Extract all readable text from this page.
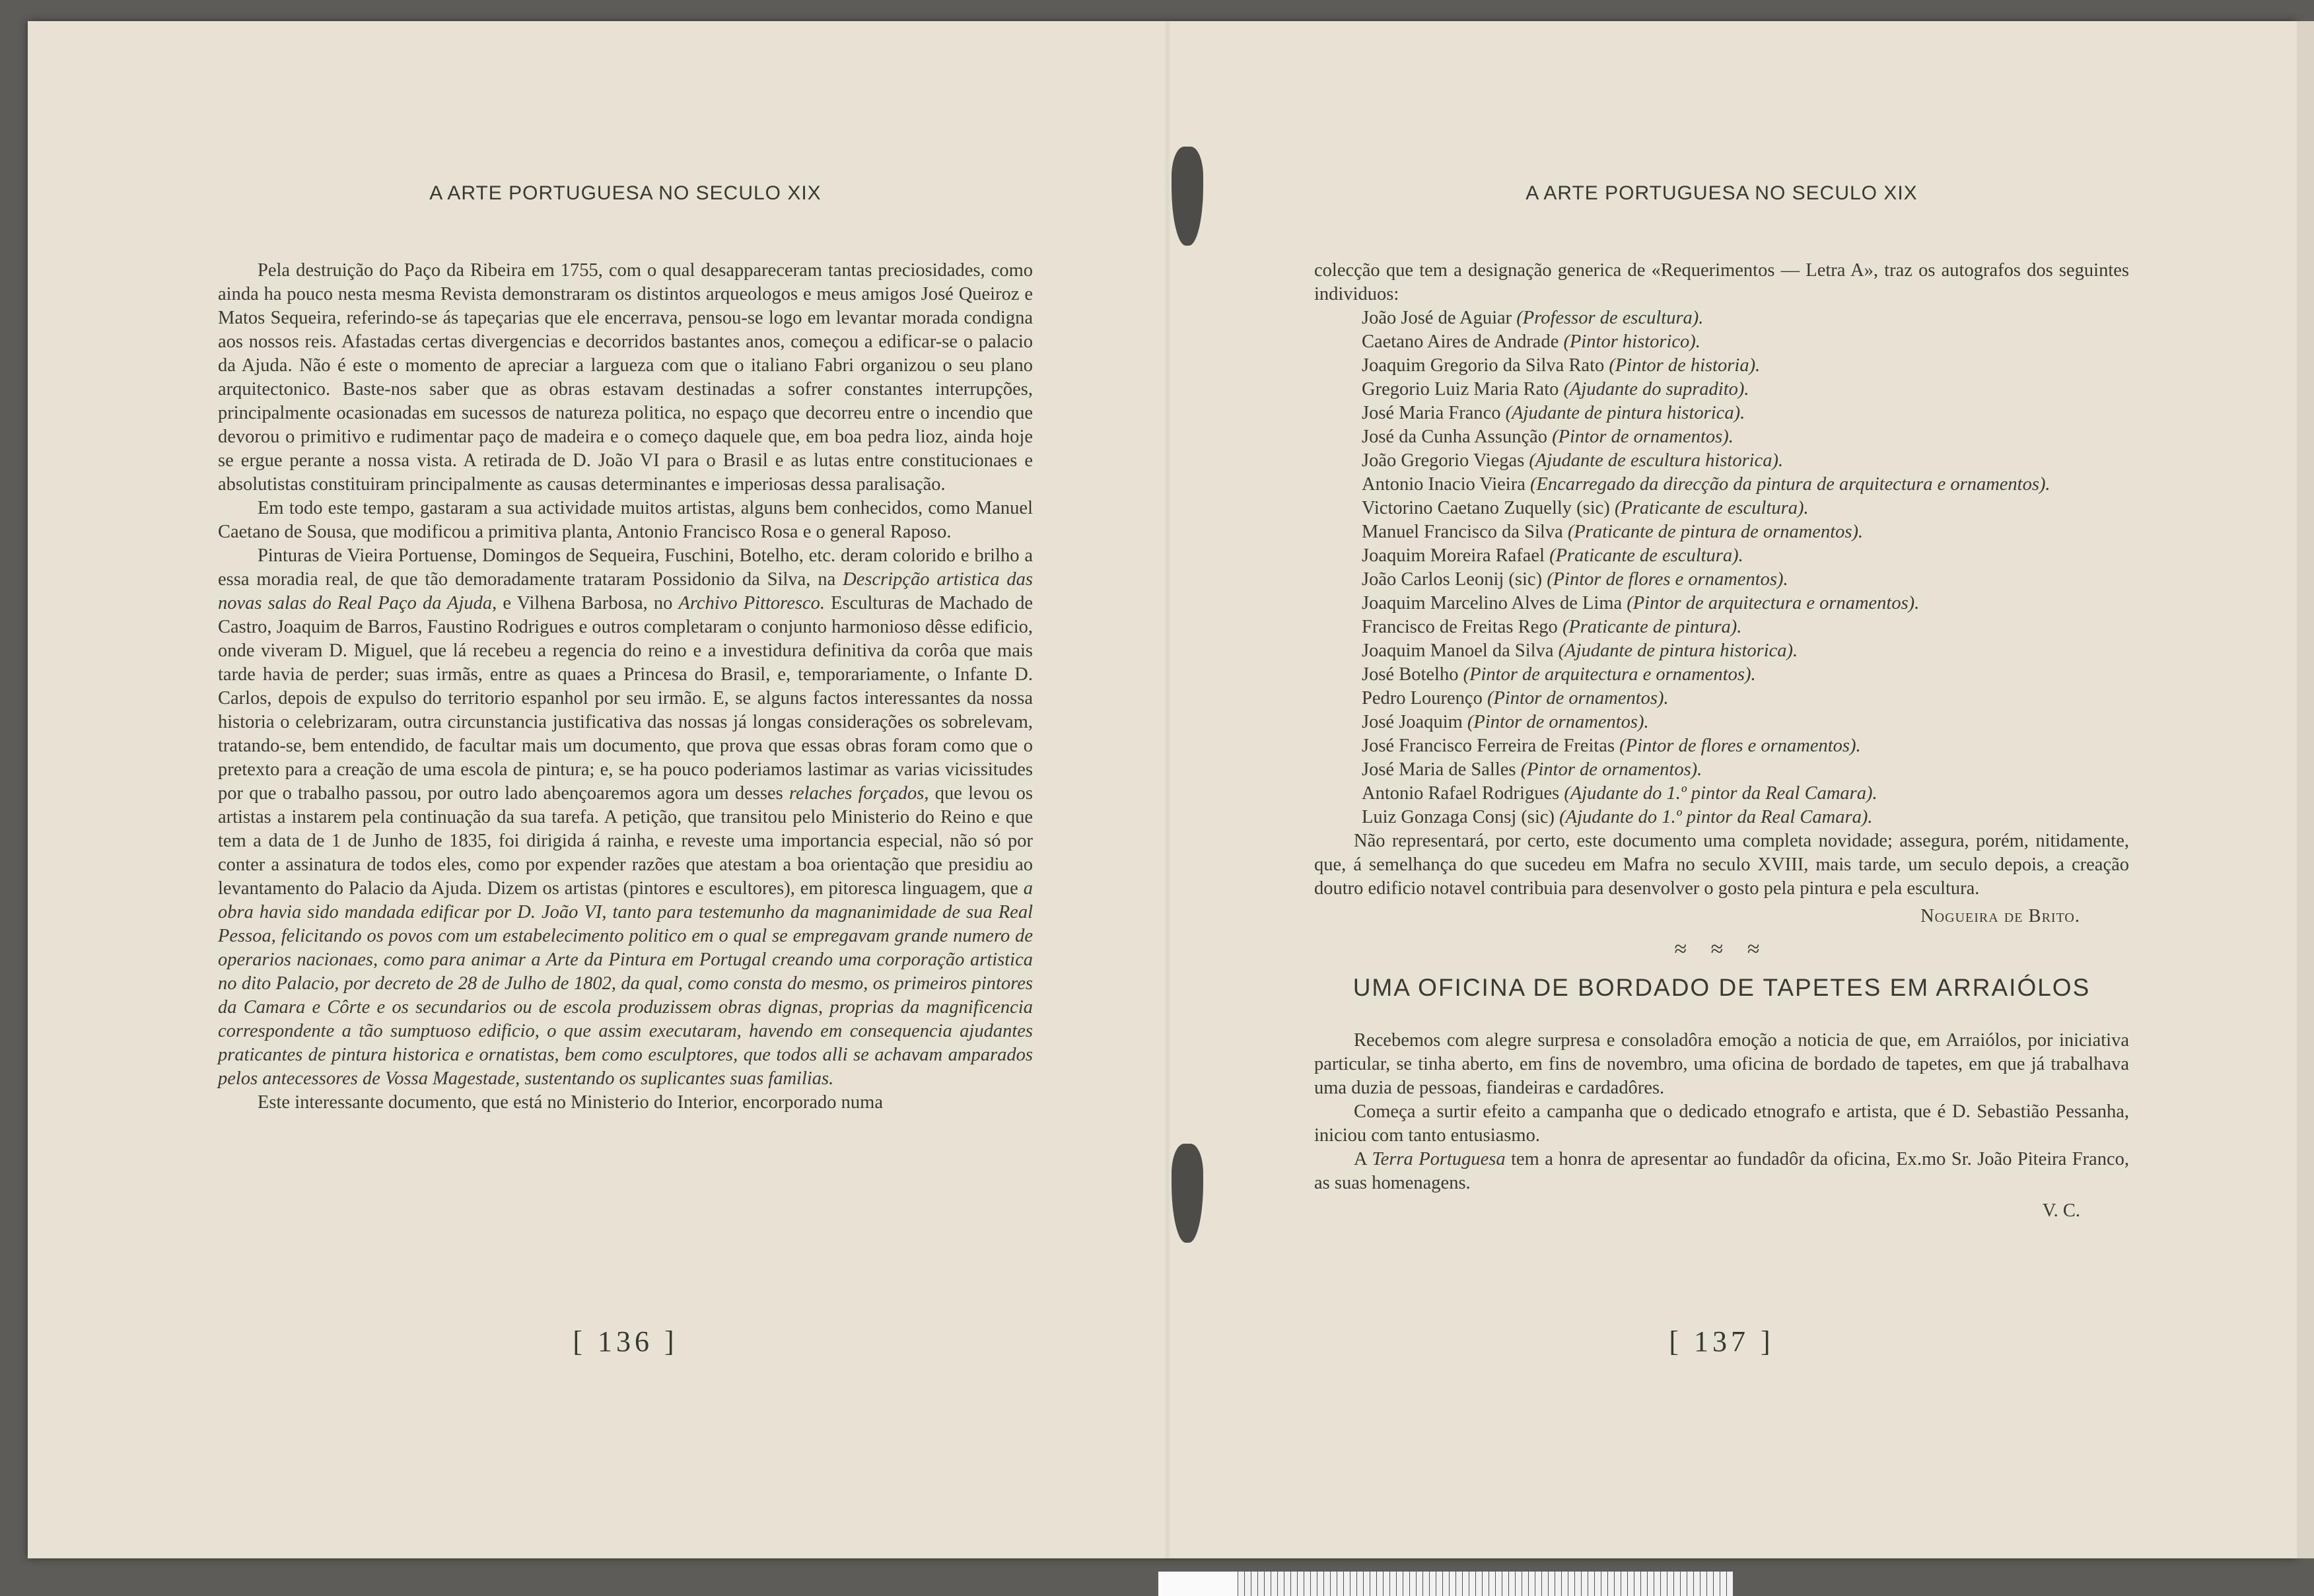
A ARTE PORTUGUESA NO SECULO XIX

Pela destruição do Paço da Ribeira em 1755, com o qual desappareceram tantas preciosidades, como ainda ha pouco nesta mesma Revista demonstraram os distintos arqueologos e meus amigos José Queiroz e Matos Sequeira, referindo-se ás tapeçarias que ele encerrava, pensou-se logo em levantar morada condigna aos nossos reis. Afastadas certas divergencias e decorridos bastantes anos, começou a edificar-se o palacio da Ajuda. Não é este o momento de apreciar a largueza com que o italiano Fabri organizou o seu plano arquitectonico. Baste-nos saber que as obras estavam destinadas a sofrer constantes interrupções, principalmente ocasionadas em sucessos de natureza politica, no espaço que decorreu entre o incendio que devorou o primitivo e rudimentar paço de madeira e o começo daquele que, em boa pedra lioz, ainda hoje se ergue perante a nossa vista. A retirada de D. João VI para o Brasil e as lutas entre constitucionaes e absolutistas constituiram principalmente as causas determinantes e imperiosas dessa paralisação.

Em todo este tempo, gastaram a sua actividade muitos artistas, alguns bem conhecidos, como Manuel Caetano de Sousa, que modificou a primitiva planta, Antonio Francisco Rosa e o general Raposo.

Pinturas de Vieira Portuense, Domingos de Sequeira, Fuschini, Botelho, etc. deram colorido e brilho a essa moradia real, de que tão demoradamente trataram Possidonio da Silva, na Descripção artistica das novas salas do Real Paço da Ajuda, e Vilhena Barbosa, no Archivo Pittoresco. Esculturas de Machado de Castro, Joaquim de Barros, Faustino Rodrigues e outros completaram o conjunto harmonioso dêsse edificio, onde viveram D. Miguel, que lá recebeu a regencia do reino e a investidura definitiva da corôa que mais tarde havia de perder; suas irmãs, entre as quaes a Princesa do Brasil, e, temporariamente, o Infante D. Carlos, depois de expulso do territorio espanhol por seu irmão. E, se alguns factos interessantes da nossa historia o celebrizaram, outra circunstancia justificativa das nossas já longas considerações os sobrelevam, tratando-se, bem entendido, de facultar mais um documento, que prova que essas obras foram como que o pretexto para a creação de uma escola de pintura; e, se ha pouco poderiamos lastimar as varias vicissitudes por que o trabalho passou, por outro lado abençoaremos agora um desses relaches forçados, que levou os artistas a instarem pela continuação da sua tarefa. A petição, que transitou pelo Ministerio do Reino e que tem a data de 1 de Junho de 1835, foi dirigida á rainha, e reveste uma importancia especial, não só por conter a assinatura de todos eles, como por expender razões que atestam a boa orientação que presidiu ao levantamento do Palacio da Ajuda. Dizem os artistas (pintores e escultores), em pitoresca linguagem, que a obra havia sido mandada edificar por D. João VI, tanto para testemunho da magnanimidade de sua Real Pessoa, felicitando os povos com um estabelecimento politico em o qual se empregavam grande numero de operarios nacionaes, como para animar a Arte da Pintura em Portugal creando uma corporação artistica no dito Palacio, por decreto de 28 de Julho de 1802, da qual, como consta do mesmo, os primeiros pintores da Camara e Côrte e os secundarios ou de escola produzissem obras dignas, proprias da magnificencia correspondente a tão sumptuoso edificio, o que assim executaram, havendo em consequencia ajudantes praticantes de pintura historica e ornatistas, bem como esculptores, que todos alli se achavam amparados pelos antecessores de Vossa Magestade, sustentando os suplicantes suas familias.

Este interessante documento, que está no Ministerio do Interior, encorporado numa

[ 136 ]
A ARTE PORTUGUESA NO SECULO XIX

colecção que tem a designação generica de «Requerimentos — Letra A», traz os autografos dos seguintes individuos:

João José de Aguiar (Professor de escultura).

Caetano Aires de Andrade (Pintor historico).

Joaquim Gregorio da Silva Rato (Pintor de historia).

Gregorio Luiz Maria Rato (Ajudante do supradito).

José Maria Franco (Ajudante de pintura historica).

José da Cunha Assunção (Pintor de ornamentos).

João Gregorio Viegas (Ajudante de escultura historica).

Antonio Inacio Vieira (Encarregado da direcção da pintura de arquitectura e ornamentos).

Victorino Caetano Zuquelly (sic) (Praticante de escultura).

Manuel Francisco da Silva (Praticante de pintura de ornamentos).

Joaquim Moreira Rafael (Praticante de escultura).

João Carlos Leonij (sic) (Pintor de flores e ornamentos).

Joaquim Marcelino Alves de Lima (Pintor de arquitectura e ornamentos).

Francisco de Freitas Rego (Praticante de pintura).

Joaquim Manoel da Silva (Ajudante de pintura historica).

José Botelho (Pintor de arquitectura e ornamentos).

Pedro Lourenço (Pintor de ornamentos).

José Joaquim (Pintor de ornamentos).

José Francisco Ferreira de Freitas (Pintor de flores e ornamentos).

José Maria de Salles (Pintor de ornamentos).

Antonio Rafael Rodrigues (Ajudante do 1.º pintor da Real Camara).

Luiz Gonzaga Consj (sic) (Ajudante do 1.º pintor da Real Camara).

Não representará, por certo, este documento uma completa novidade; assegura, porém, nitidamente, que, á semelhança do que sucedeu em Mafra no seculo XVIII, mais tarde, um seculo depois, a creação doutro edificio notavel contribuia para desenvolver o gosto pela pintura e pela escultura.

Nogueira de Brito.
≈ ≈ ≈
UMA OFICINA DE BORDADO DE TAPETES EM ARRAIÓLOS

Recebemos com alegre surpresa e consoladôra emoção a noticia de que, em Arraiólos, por iniciativa particular, se tinha aberto, em fins de novembro, uma oficina de bordado de tapetes, em que já trabalhava uma duzia de pessoas, fiandeiras e cardadôres.

Começa a surtir efeito a campanha que o dedicado etnografo e artista, que é D. Sebastião Pessanha, iniciou com tanto entusiasmo.

A Terra Portuguesa tem a honra de apresentar ao fundadôr da oficina, Ex.mo Sr. João Piteira Franco, as suas homenagens.

V. C.
[ 137 ]
